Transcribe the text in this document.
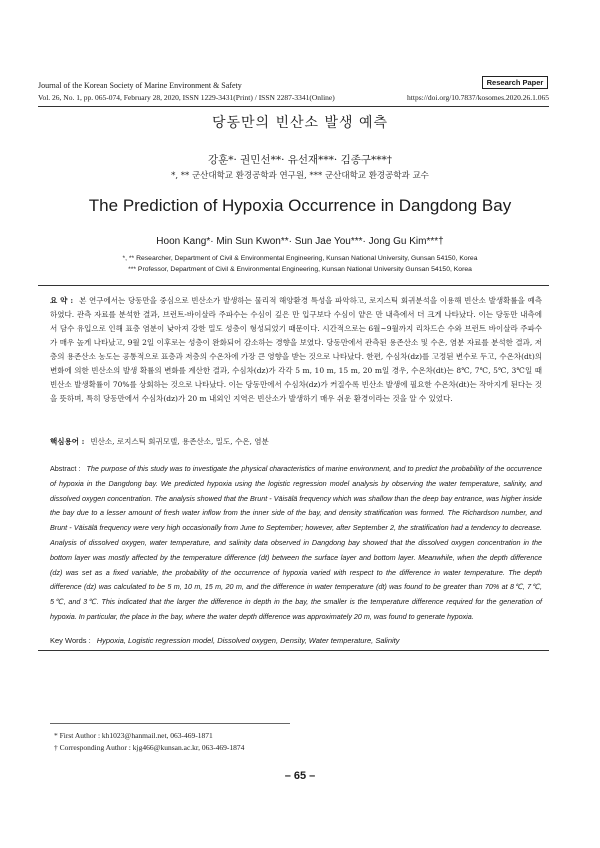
Journal of the Korean Society of Marine Environment & Safety	Research Paper
Vol. 26, No. 1, pp. 065-074, February 28, 2020, ISSN 1229-3431(Print) / ISSN 2287-3341(Online)	https://doi.org/10.7837/kosomes.2020.26.1.065
당동만의 빈산소 발생 예측
강훈*· 권민선**· 유선재***· 김종구***†
*, ** 군산대학교 환경공학과 연구원, *** 군산대학교 환경공학과 교수
The Prediction of Hypoxia Occurrence in Dangdong Bay
Hoon Kang*· Min Sun Kwon**· Sun Jae You***· Jong Gu Kim***†
*, ** Researcher, Department of Civil & Environmental Engineering, Kunsan National University, Gunsan 54150, Korea
*** Professor, Department of Civil & Environmental Engineering, Kunsan National University Gunsan 54150, Korea
요 약 : 본 연구에서는 당동만을 중심으로 빈산소가 발생하는 물리적 해양환경 특성을 파악하고, 로지스틱 회귀분석을 이용해 빈산소 발생확률을 예측하였다. 관측 자료를 분석한 결과, 브런트-바이살라 주파수는 수심이 깊은 만 입구보다 수심이 얕은 만 내측에서 더 크게 나타났다. 이는 당동만 내측에서 담수 유입으로 인해 표층 염분이 낮아져 강한 밀도 성층이 형성되었기 때문이다. 시간적으로는 6월~9월까지 리차드슨 수와 브런트 바이살라 주파수가 매우 높게 나타났고, 9월 2일 이후로는 성층이 완화되어 감소하는 경향을 보였다. 당동만에서 관측된 용존산소 및 수온, 염분 자료를 분석한 결과, 저층의 용존산소 농도는 공통적으로 표층과 저층의 수온차에 가장 큰 영향을 받는 것으로 나타났다. 한편, 수심차(dz)를 고정된 변수로 두고, 수온차(dt)의 변화에 의한 빈산소의 발생 확률의 변화를 계산한 결과, 수심차(dz)가 각각 5 m, 10 m, 15 m, 20 m일 경우, 수온차(dt)는 8℃, 7℃, 5℃, 3℃일 때 빈산소 발생확률이 70%를 상회하는 것으로 나타났다. 이는 당동만에서 수심차(dz)가 커질수록 빈산소 발생에 필요한 수온차(dt)는 작아지게 된다는 것을 뜻하며, 특히 당동만에서 수심차(dz)가 20 m 내외인 지역은 빈산소가 발생하기 매우 쉬운 환경이라는 것을 알 수 있었다.
핵심용어 : 빈산소, 로지스틱 회귀모델, 용존산소, 밀도, 수온, 염분
Abstract : The purpose of this study was to investigate the physical characteristics of marine environment, and to predict the probability of the occurrence of hypoxia in the Dangdong bay. We predicted hypoxia using the logistic regression model analysis by observing the water temperature, salinity, and dissolved oxygen concentration. The analysis showed that the Brunt - Väisälä frequency which was shallow than the deep bay entrance, was higher inside the bay due to a lesser amount of fresh water inflow from the inner side of the bay, and density stratification was formed. The Richardson number, and Brunt - Väisälä frequency were very high occasionally from June to September; however, after September 2, the stratification had a tendency to decrease. Analysis of dissolved oxygen, water temperature, and salinity data observed in Dangdong bay showed that the dissolved oxygen concentration in the bottom layer was mostly affected by the temperature difference (dt) between the surface layer and bottom layer. Meanwhile, when the depth difference (dz) was set as a fixed variable, the probability of the occurrence of hypoxia varied with respect to the difference in water temperature. The depth difference (dz) was calculated to be 5 m, 10 m, 15 m, 20 m, and the difference in water temperature (dt) was found to be greater than 70% at 8℃, 7℃, 5℃, and 3℃. This indicated that the larger the difference in depth in the bay, the smaller is the temperature difference required for the generation of hypoxia. In particular, the place in the bay, where the water depth difference was approximately 20 m, was found to generate hypoxia.
Key Words : Hypoxia, Logistic regression model, Dissolved oxygen, Density, Water temperature, Salinity
* First Author : kh1023@hanmail.net, 063-469-1871
† Corresponding Author : kjg466@kunsan.ac.kr, 063-469-1874
– 65 –
